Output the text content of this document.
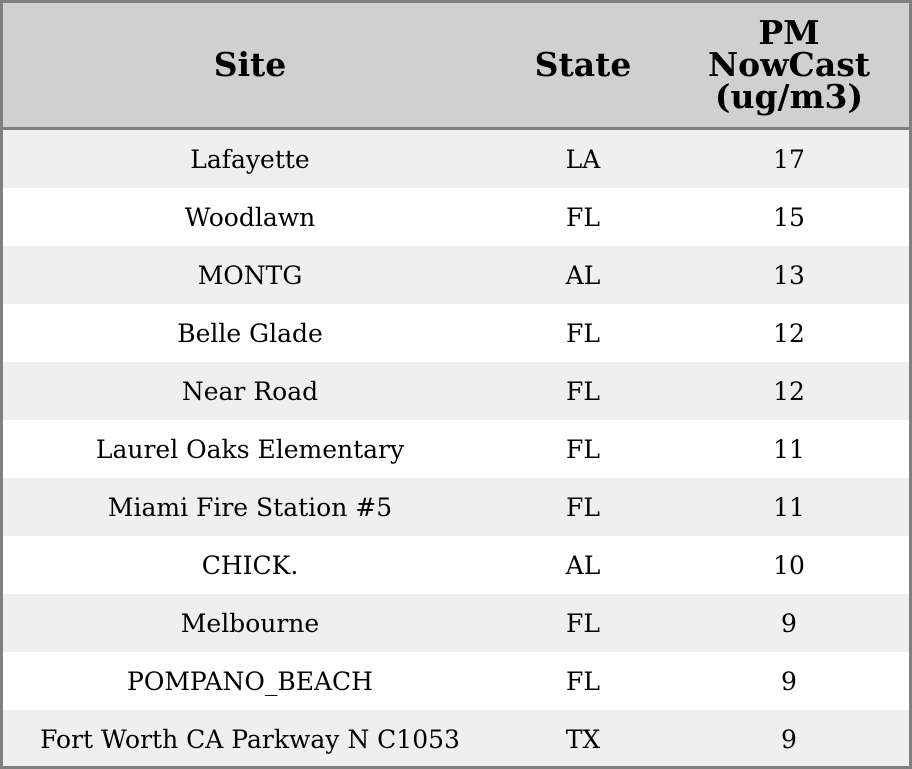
Site	State	PM
NowCast
(ug/m3)
Lafayette	LA	17
Woodlawn	FL	15
MONTG	AL	13
Belle Glade	FL	12
Near Road	FL	12
Laurel Oaks Elementary	FL	11
Miami Fire Station #5	FL	11
CHICK.	AL	10
Melbourne	FL	9
POMPANO_BEACH	FL	9
Fort Worth CA Parkway N C1053	TX	9
